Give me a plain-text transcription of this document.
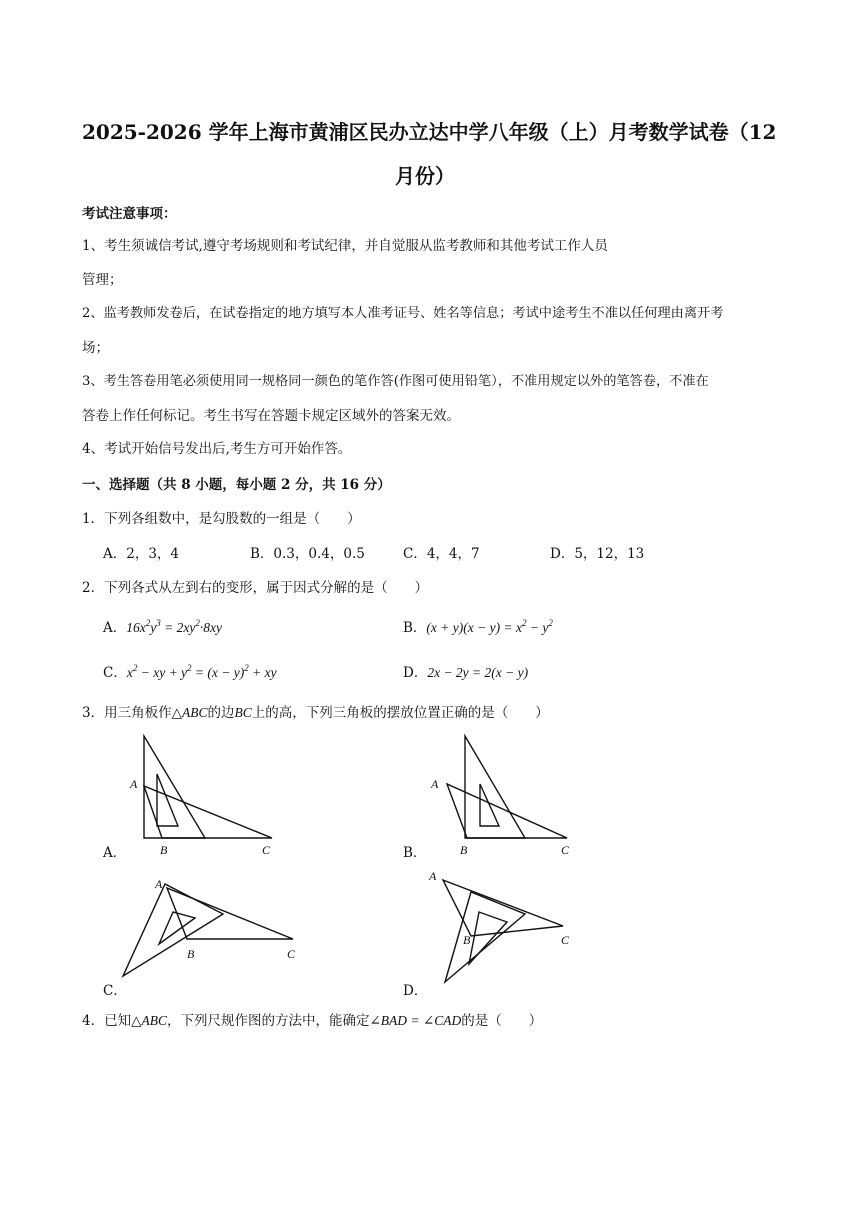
2025-2026 学年上海市黄浦区民办立达中学八年级（上）月考数学试卷（12
月份）
考试注意事项：
1、考生须诚信考试,遵守考场规则和考试纪律，并自觉服从监考教师和其他考试工作人员
管理；
2、监考教师发卷后，在试卷指定的地方填写本人准考证号、姓名等信息；考试中途考生不准以任何理由离开考
场；
3、考生答卷用笔必须使用同一规格同一颜色的笔作答(作图可使用铅笔），不准用规定以外的笔答卷，不准在
答卷上作任何标记。考生书写在答题卡规定区域外的答案无效。
4、考试开始信号发出后,考生方可开始作答。
一、选择题（共 8 小题，每小题 2 分，共 16 分）
1．下列各组数中，是勾股数的一组是（　　）
A．2，3，4	B．0.3，0.4，0.5	C．4，4，7	D．5，12，13
2．下列各式从左到右的变形，属于因式分解的是（　　）
A．$16x^2y^3 = 2xy^2\cdot 8xy$	B．$(x + y)(x - y) = x^2 - y^2$
C．$x^2$ − xy + $y^2 = (x - y)^2$ + xy	D．2x − 2y = 2(x − y)
3．用三角板作△ABC的边BC上的高，下列三角板的摆放位置正确的是（　　）
A
B	C
A．
A
B	C
B．
A
B	C
C．
A
B	C
D．
4．已知△ABC，下列尺规作图的方法中，能确定∠BAD = ∠CAD的是（　　）
